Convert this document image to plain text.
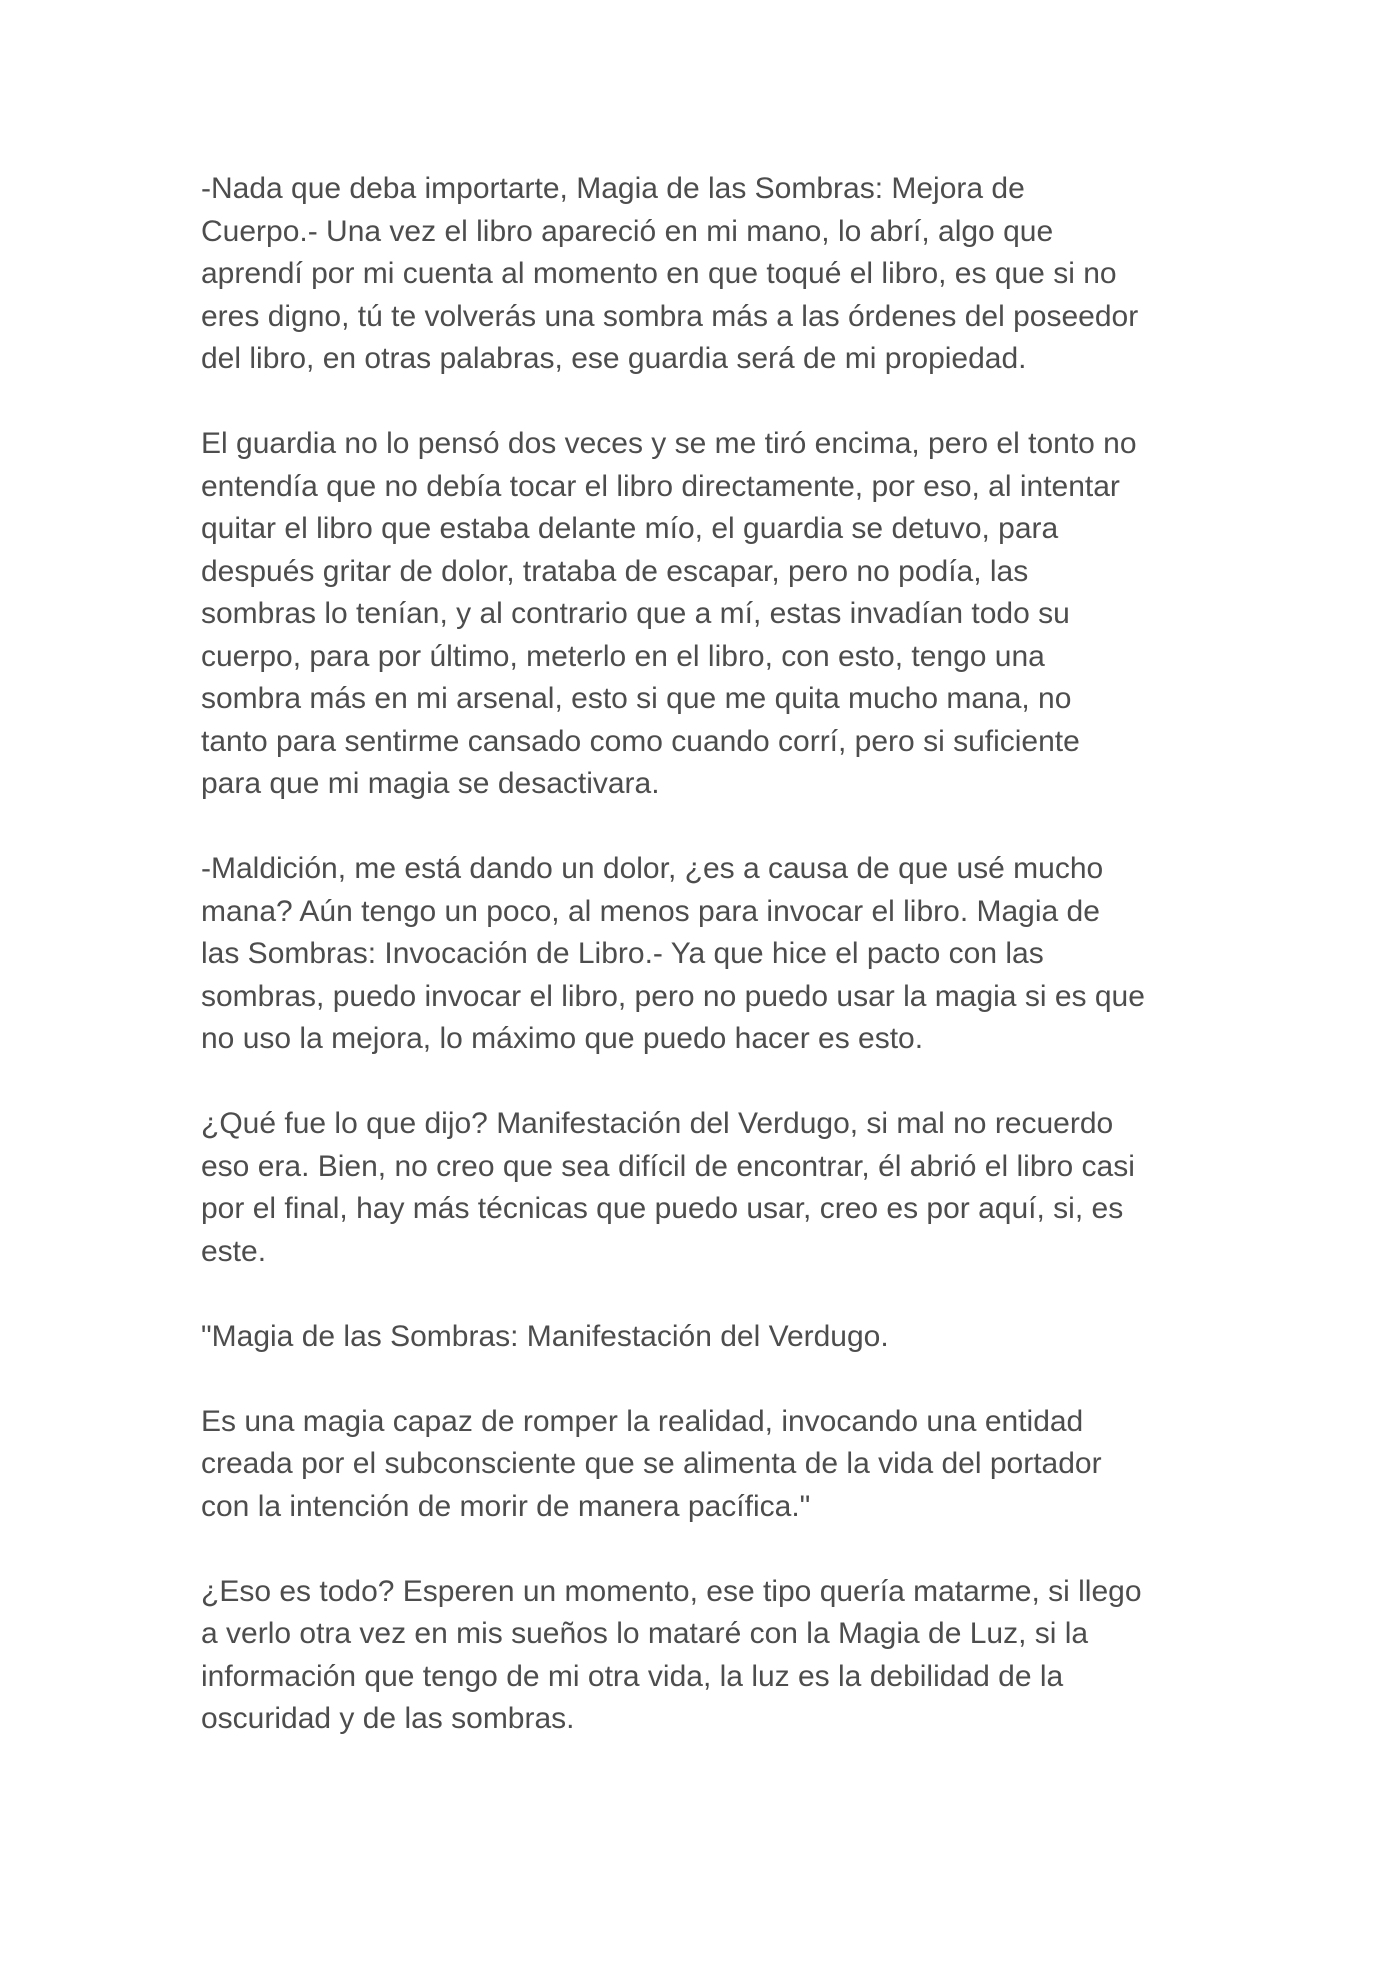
-Nada que deba importarte, Magia de las Sombras: Mejora de
Cuerpo.- Una vez el libro apareció en mi mano, lo abrí, algo que
aprendí por mi cuenta al momento en que toqué el libro, es que si no
eres digno, tú te volverás una sombra más a las órdenes del poseedor
del libro, en otras palabras, ese guardia será de mi propiedad.

El guardia no lo pensó dos veces y se me tiró encima, pero el tonto no
entendía que no debía tocar el libro directamente, por eso, al intentar
quitar el libro que estaba delante mío, el guardia se detuvo, para
después gritar de dolor, trataba de escapar, pero no podía, las
sombras lo tenían, y al contrario que a mí, estas invadían todo su
cuerpo, para por último, meterlo en el libro, con esto, tengo una
sombra más en mi arsenal, esto si que me quita mucho mana, no
tanto para sentirme cansado como cuando corrí, pero si suficiente
para que mi magia se desactivara.

-Maldición, me está dando un dolor, ¿es a causa de que usé mucho
mana? Aún tengo un poco, al menos para invocar el libro. Magia de
las Sombras: Invocación de Libro.- Ya que hice el pacto con las
sombras, puedo invocar el libro, pero no puedo usar la magia si es que
no uso la mejora, lo máximo que puedo hacer es esto.

¿Qué fue lo que dijo? Manifestación del Verdugo, si mal no recuerdo
eso era. Bien, no creo que sea difícil de encontrar, él abrió el libro casi
por el final, hay más técnicas que puedo usar, creo es por aquí, si, es
este.

"Magia de las Sombras: Manifestación del Verdugo.

Es una magia capaz de romper la realidad, invocando una entidad
creada por el subconsciente que se alimenta de la vida del portador
con la intención de morir de manera pacífica."

¿Eso es todo? Esperen un momento, ese tipo quería matarme, si llego
a verlo otra vez en mis sueños lo mataré con la Magia de Luz, si la
información que tengo de mi otra vida, la luz es la debilidad de la
oscuridad y de las sombras.
